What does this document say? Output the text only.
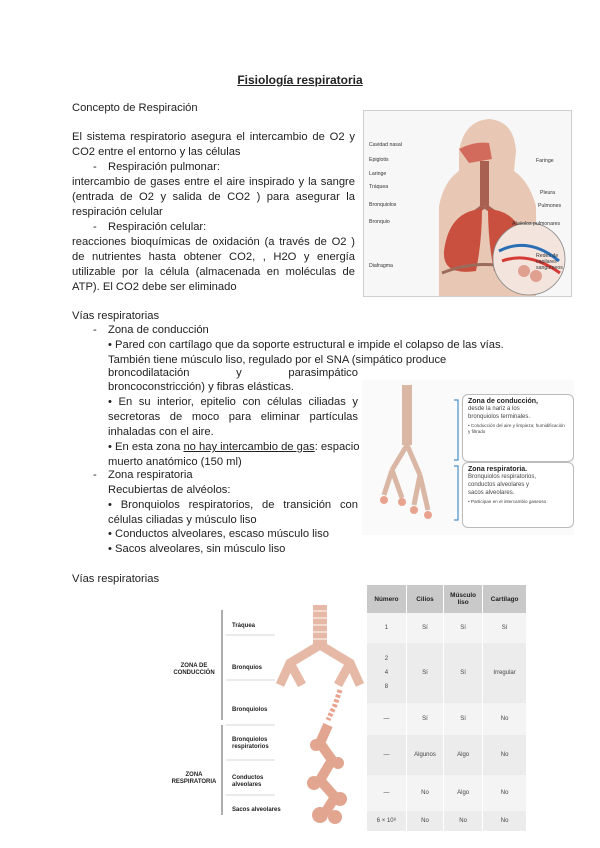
Fisiología respiratoria
Concepto de Respiración
El sistema respiratorio asegura el intercambio de O2 y
CO2 entre el entorno y las células
- Respiración pulmonar:
intercambio de gases entre el aire inspirado y la sangre
(entrada de O2 y salida de CO2 ) para asegurar la
respiración celular
- Respiración celular:
reacciones bioquímicas de oxidación (a través de O2 )
de nutrientes hasta obtener CO2, , H2O y energía
utilizable por la célula (almacenada en moléculas de
ATP). El CO2 debe ser eliminado
Cavidad nasal
Epiglotis
Laringe
Tráquea
Bronquiolos
Bronquio
Diafragma
Faringe
Pleura
Pulmones
Alvéolos pulmonares
Redes de capilares sanguíneos
Vías respiratorias
- Zona de conducción
• Pared con cartílago que da soporte estructural e impide el colapso de las vías.
También tiene músculo liso, regulado por el SNA (simpático produce
broncodilatación y parasimpático
broncoconstricción) y fibras elásticas.
• En su interior, epitelio con células ciliadas y
secretoras de moco para eliminar partículas
inhaladas con el aire.
• En esta zona no hay intercambio de gas: espacio
muerto anatómico (150 ml)
- Zona respiratoria
Recubiertas de alvéolos:
• Bronquiolos respiratorios, de transición con
células ciliadas y músculo liso
• Conductos alveolares, escaso músculo liso
• Sacos alveolares, sin músculo liso
Zona de conducción,
desde la nariz a los
bronquiolos terminales.
• Conducción del aire y limpieza; humidificación y filtrado
Zona respiratoria.
Bronquiolos respiratorios,
conductos alveolares y
sacos alveolares.
• Participan en el intercambio gaseoso
Vías respiratorias
ZONA DE CONDUCCIÓN
ZONA RESPIRATORIA
Tráquea
Bronquios
Bronquiolos
Bronquiolos respiratorios
Conductos alveolares
Sacos alveolares
Número	Cilios	Músculo liso	Cartílago
1	Sí	Sí	Sí
2
4
8	Sí	Sí	Irregular
—	Sí	Sí	No
—	Algunos	Algo	No
—	No	Algo	No
6 × 10⁸	No	No	No
